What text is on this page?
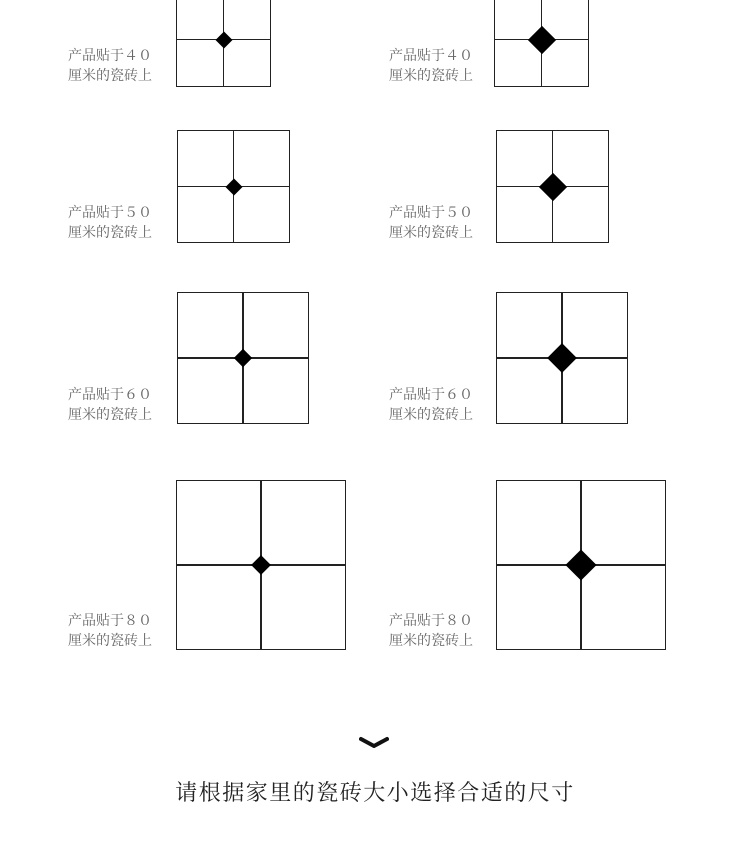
产品贴于４０
厘米的瓷砖上
产品贴于４０
厘米的瓷砖上
产品贴于５０
厘米的瓷砖上
产品贴于５０
厘米的瓷砖上
产品贴于６０
厘米的瓷砖上
产品贴于６０
厘米的瓷砖上
产品贴于８０
厘米的瓷砖上
产品贴于８０
厘米的瓷砖上
请根据家里的瓷砖大小选择合适的尺寸
